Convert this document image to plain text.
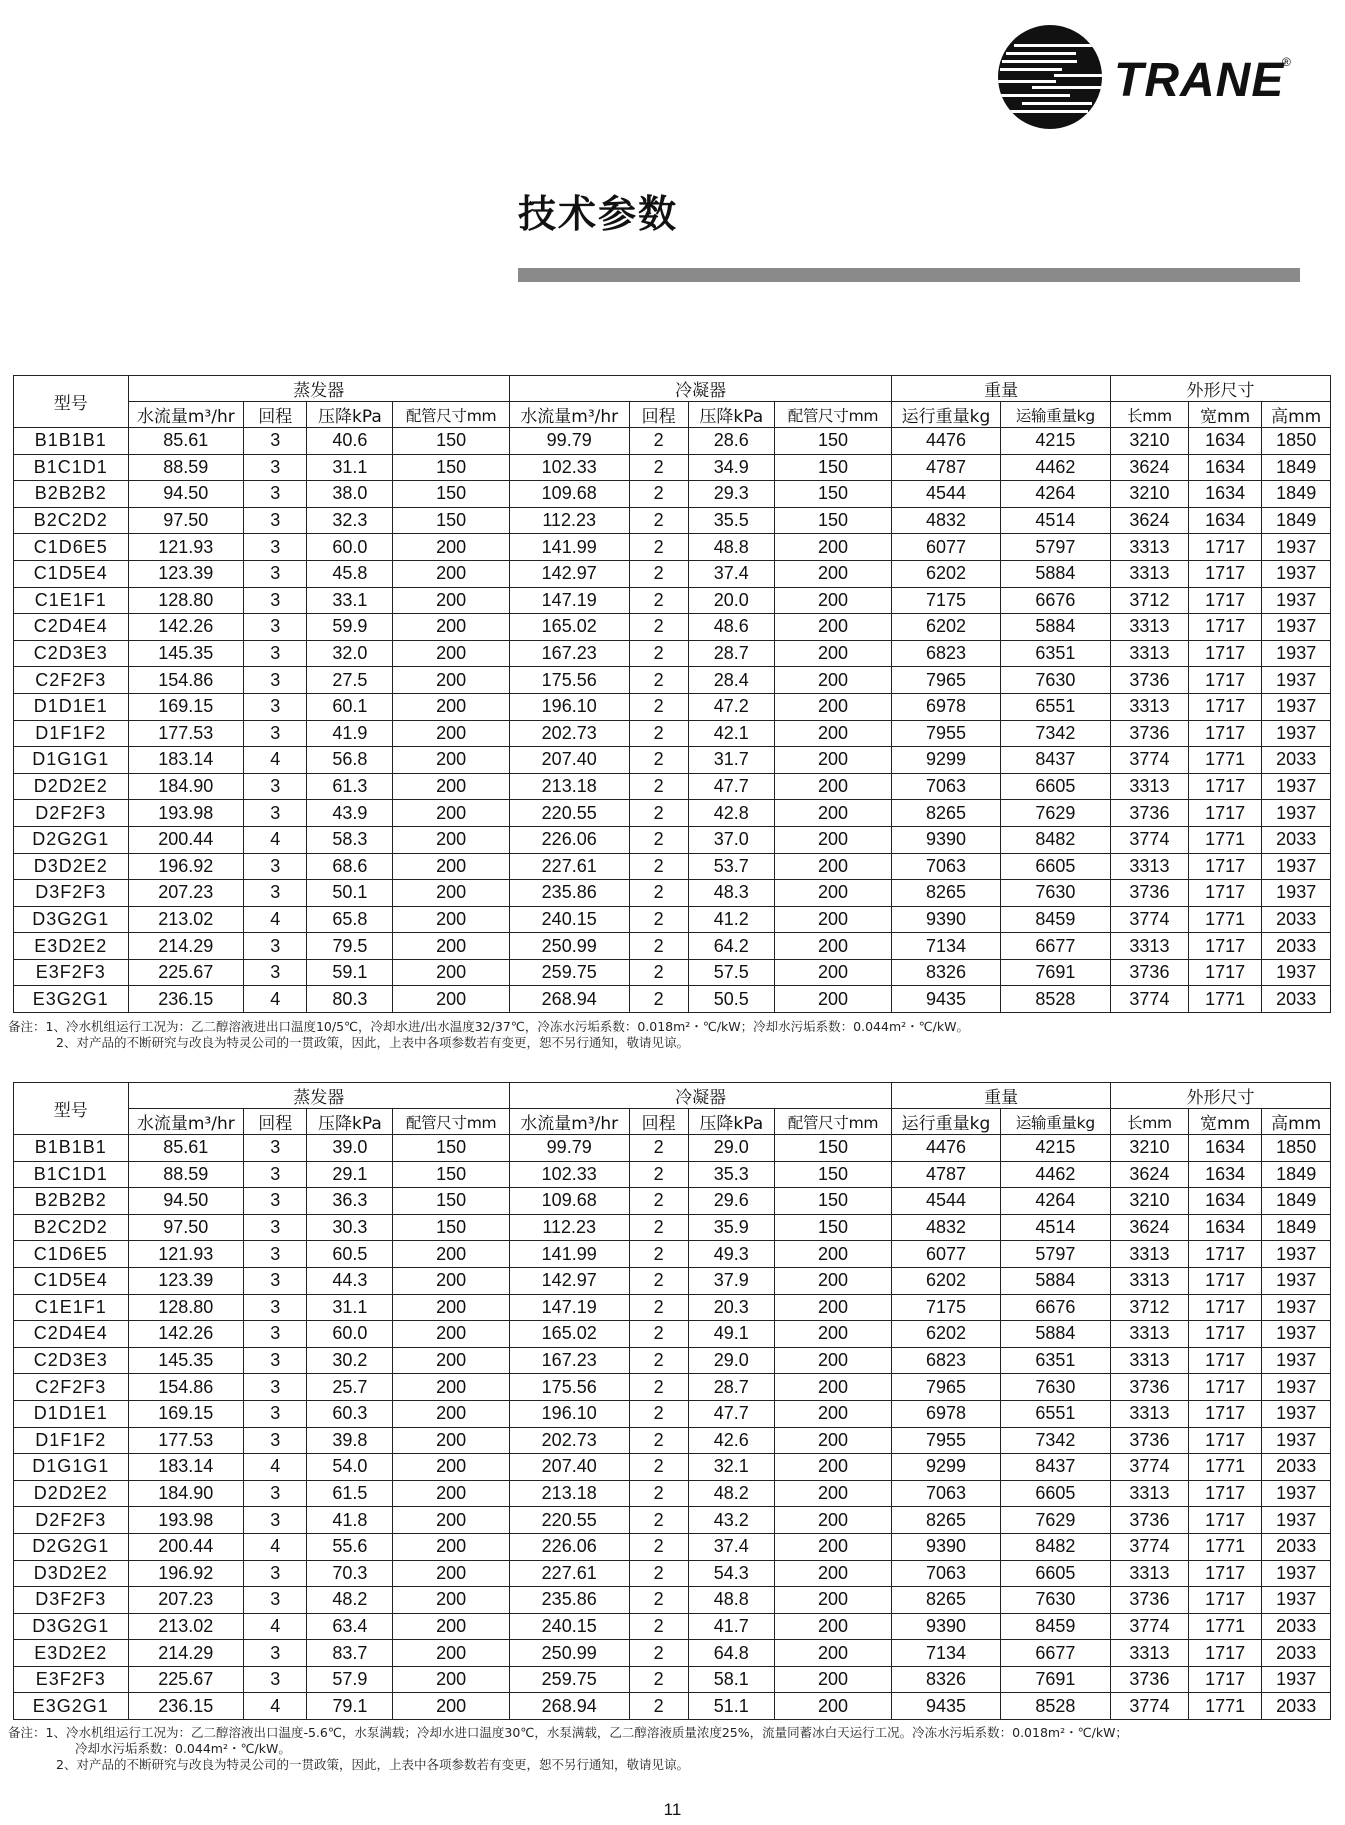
TRANE
®
技术参数
型号	蒸发器				冷凝器				重量		外形尺寸		
	水流量m³/hr	回程	压降kPa	配管尺寸mm	水流量m³/hr	回程	压降kPa	配管尺寸mm	运行重量kg	运输重量kg	长mm	宽mm	高mm
B1B1B1	85.61	3	40.6	150	99.79	2	28.6	150	4476	4215	3210	1634	1850
B1C1D1	88.59	3	31.1	150	102.33	2	34.9	150	4787	4462	3624	1634	1849
B2B2B2	94.50	3	38.0	150	109.68	2	29.3	150	4544	4264	3210	1634	1849
B2C2D2	97.50	3	32.3	150	112.23	2	35.5	150	4832	4514	3624	1634	1849
C1D6E5	121.93	3	60.0	200	141.99	2	48.8	200	6077	5797	3313	1717	1937
C1D5E4	123.39	3	45.8	200	142.97	2	37.4	200	6202	5884	3313	1717	1937
C1E1F1	128.80	3	33.1	200	147.19	2	20.0	200	7175	6676	3712	1717	1937
C2D4E4	142.26	3	59.9	200	165.02	2	48.6	200	6202	5884	3313	1717	1937
C2D3E3	145.35	3	32.0	200	167.23	2	28.7	200	6823	6351	3313	1717	1937
C2F2F3	154.86	3	27.5	200	175.56	2	28.4	200	7965	7630	3736	1717	1937
D1D1E1	169.15	3	60.1	200	196.10	2	47.2	200	6978	6551	3313	1717	1937
D1F1F2	177.53	3	41.9	200	202.73	2	42.1	200	7955	7342	3736	1717	1937
D1G1G1	183.14	4	56.8	200	207.40	2	31.7	200	9299	8437	3774	1771	2033
D2D2E2	184.90	3	61.3	200	213.18	2	47.7	200	7063	6605	3313	1717	1937
D2F2F3	193.98	3	43.9	200	220.55	2	42.8	200	8265	7629	3736	1717	1937
D2G2G1	200.44	4	58.3	200	226.06	2	37.0	200	9390	8482	3774	1771	2033
D3D2E2	196.92	3	68.6	200	227.61	2	53.7	200	7063	6605	3313	1717	1937
D3F2F3	207.23	3	50.1	200	235.86	2	48.3	200	8265	7630	3736	1717	1937
D3G2G1	213.02	4	65.8	200	240.15	2	41.2	200	9390	8459	3774	1771	2033
E3D2E2	214.29	3	79.5	200	250.99	2	64.2	200	7134	6677	3313	1717	2033
E3F2F3	225.67	3	59.1	200	259.75	2	57.5	200	8326	7691	3736	1717	1937
E3G2G1	236.15	4	80.3	200	268.94	2	50.5	200	9435	8528	3774	1771	2033

备注：1、冷水机组运行工况为：乙二醇溶液进出口温度10/5℃，冷却水进/出水温度32/37℃，冷冻水污垢系数：0.018m²・℃/kW；冷却水污垢系数：0.044m²・℃/kW。

2、对产品的不断研究与改良为特灵公司的一贯政策，因此，上表中各项参数若有变更，恕不另行通知，敬请见谅。

型号	蒸发器				冷凝器				重量		外形尺寸		
	水流量m³/hr	回程	压降kPa	配管尺寸mm	水流量m³/hr	回程	压降kPa	配管尺寸mm	运行重量kg	运输重量kg	长mm	宽mm	高mm
B1B1B1	85.61	3	39.0	150	99.79	2	29.0	150	4476	4215	3210	1634	1850
B1C1D1	88.59	3	29.1	150	102.33	2	35.3	150	4787	4462	3624	1634	1849
B2B2B2	94.50	3	36.3	150	109.68	2	29.6	150	4544	4264	3210	1634	1849
B2C2D2	97.50	3	30.3	150	112.23	2	35.9	150	4832	4514	3624	1634	1849
C1D6E5	121.93	3	60.5	200	141.99	2	49.3	200	6077	5797	3313	1717	1937
C1D5E4	123.39	3	44.3	200	142.97	2	37.9	200	6202	5884	3313	1717	1937
C1E1F1	128.80	3	31.1	200	147.19	2	20.3	200	7175	6676	3712	1717	1937
C2D4E4	142.26	3	60.0	200	165.02	2	49.1	200	6202	5884	3313	1717	1937
C2D3E3	145.35	3	30.2	200	167.23	2	29.0	200	6823	6351	3313	1717	1937
C2F2F3	154.86	3	25.7	200	175.56	2	28.7	200	7965	7630	3736	1717	1937
D1D1E1	169.15	3	60.3	200	196.10	2	47.7	200	6978	6551	3313	1717	1937
D1F1F2	177.53	3	39.8	200	202.73	2	42.6	200	7955	7342	3736	1717	1937
D1G1G1	183.14	4	54.0	200	207.40	2	32.1	200	9299	8437	3774	1771	2033
D2D2E2	184.90	3	61.5	200	213.18	2	48.2	200	7063	6605	3313	1717	1937
D2F2F3	193.98	3	41.8	200	220.55	2	43.2	200	8265	7629	3736	1717	1937
D2G2G1	200.44	4	55.6	200	226.06	2	37.4	200	9390	8482	3774	1771	2033
D3D2E2	196.92	3	70.3	200	227.61	2	54.3	200	7063	6605	3313	1717	1937
D3F2F3	207.23	3	48.2	200	235.86	2	48.8	200	8265	7630	3736	1717	1937
D3G2G1	213.02	4	63.4	200	240.15	2	41.7	200	9390	8459	3774	1771	2033
E3D2E2	214.29	3	83.7	200	250.99	2	64.8	200	7134	6677	3313	1717	2033
E3F2F3	225.67	3	57.9	200	259.75	2	58.1	200	8326	7691	3736	1717	1937
E3G2G1	236.15	4	79.1	200	268.94	2	51.1	200	9435	8528	3774	1771	2033

备注：1、冷水机组运行工况为：乙二醇溶液出口温度-5.6℃，水泵满载；冷却水进口温度30℃，水泵满载，乙二醇溶液质量浓度25%，流量同蓄冰白天运行工况。冷冻水污垢系数：0.018m²・℃/kW；

冷却水污垢系数：0.044m²・℃/kW。

2、对产品的不断研究与改良为特灵公司的一贯政策，因此，上表中各项参数若有变更，恕不另行通知，敬请见谅。

11
